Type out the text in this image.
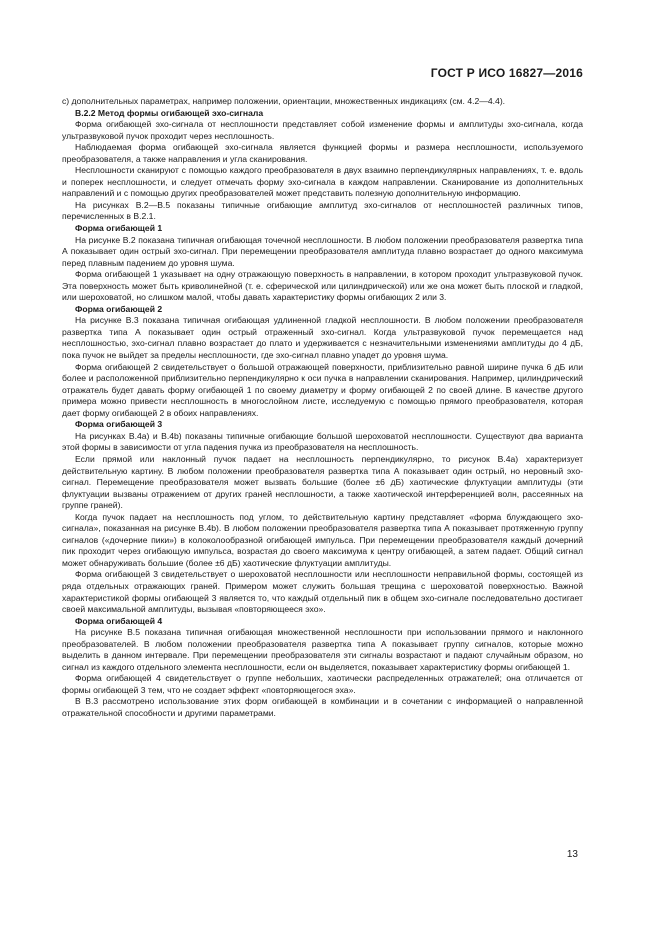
ГОСТ Р ИСО 16827—2016

с) дополнительных параметрах, например положении, ориентации, множественных индикациях (см. 4.2—4.4).

В.2.2 Метод формы огибающей эхо-сигнала

Форма огибающей эхо-сигнала от несплошности представляет собой изменение формы и амплитуды эхо-сигнала, когда ультразвуковой пучок проходит через несплошность.

Наблюдаемая форма огибающей эхо-сигнала является функцией формы и размера несплошности, используемого преобразователя, а также направления и угла сканирования.

Несплошности сканируют с помощью каждого преобразователя в двух взаимно перпендикулярных направлениях, т. е. вдоль и поперек несплошности, и следует отмечать форму эхо-сигнала в каждом направлении. Сканирование из дополнительных направлений и с помощью других преобразователей может представить полезную дополнительную информацию.

На рисунках В.2—В.5 показаны типичные огибающие амплитуд эхо-сигналов от несплошностей различных типов, перечисленных в В.2.1.

Форма огибающей 1

На рисунке В.2 показана типичная огибающая точечной несплошности. В любом положении преобразователя развертка типа А показывает один острый эхо-сигнал. При перемещении преобразователя амплитуда плавно возрастает до одного максимума перед плавным падением до уровня шума.

Форма огибающей 1 указывает на одну отражающую поверхность в направлении, в котором проходит ультразвуковой пучок. Эта поверхность может быть криволинейной (т. е. сферической или цилиндрической) или же она может быть плоской и гладкой, или шероховатой, но слишком малой, чтобы давать характеристику формы огибающих 2 или 3.

Форма огибающей 2

На рисунке В.3 показана типичная огибающая удлиненной гладкой несплошности. В любом положении преобразователя развертка типа А показывает один острый отраженный эхо-сигнал. Когда ультразвуковой пучок перемещается над несплошностью, эхо-сигнал плавно возрастает до плато и удерживается с незначительными изменениями амплитуды до 4 дБ, пока пучок не выйдет за пределы несплошности, где эхо-сигнал плавно упадет до уровня шума.

Форма огибающей 2 свидетельствует о большой отражающей поверхности, приблизительно равной ширине пучка 6 дБ или более и расположенной приблизительно перпендикулярно к оси пучка в направлении сканирования. Например, цилиндрический отражатель будет давать форму огибающей 1 по своему диаметру и форму огибающей 2 по своей длине. В качестве другого примера можно привести несплошность в многослойном листе, исследуемую с помощью прямого преобразователя, которая дает форму огибающей 2 в обоих направлениях.

Форма огибающей 3

На рисунках В.4а) и В.4b) показаны типичные огибающие большой шероховатой несплошности. Существуют два варианта этой формы в зависимости от угла падения пучка из преобразователя на несплошность.

Если прямой или наклонный пучок падает на несплошность перпендикулярно, то рисунок В.4а) характеризует действительную картину. В любом положении преобразователя развертка типа А показывает один острый, но неровный эхо-сигнал. Перемещение преобразователя может вызвать большие (более ±6 дБ) хаотические флуктуации амплитуды (эти флуктуации вызваны отражением от других граней несплошности, а также хаотической интерференцией волн, рассеянных на группе граней).

Когда пучок падает на несплошность под углом, то действительную картину представляет «форма блуждающего эхо-сигнала», показанная на рисунке В.4b). В любом положении преобразователя развертка типа А показывает протяженную группу сигналов («дочерние пики») в колоколообразной огибающей импульса. При перемещении преобразователя каждый дочерний пик проходит через огибающую импульса, возрастая до своего максимума к центру огибающей, а затем падает. Общий сигнал может обнаруживать большие (более ±6 дБ) хаотические флуктуации амплитуды.

Форма огибающей 3 свидетельствует о шероховатой несплошности или несплошности неправильной формы, состоящей из ряда отдельных отражающих граней. Примером может служить большая трещина с шероховатой поверхностью. Важной характеристикой формы огибающей 3 является то, что каждый отдельный пик в общем эхо-сигнале последовательно достигает своей максимальной амплитуды, вызывая «повторяющееся эхо».

Форма огибающей 4

На рисунке В.5 показана типичная огибающая множественной несплошности при использовании прямого и наклонного преобразователей. В любом положении преобразователя развертка типа А показывает группу сигналов, которые можно выделить в данном интервале. При перемещении преобразователя эти сигналы возрастают и падают случайным образом, но сигнал из каждого отдельного элемента несплошности, если он выделяется, показывает характеристику формы огибающей 1.

Форма огибающей 4 свидетельствует о группе небольших, хаотически распределенных отражателей; она отличается от формы огибающей 3 тем, что не создает эффект «повторяющегося эха».

В В.3 рассмотрено использование этих форм огибающей в комбинации и в сочетании с информацией о направленной отражательной способности и другими параметрами.

13
